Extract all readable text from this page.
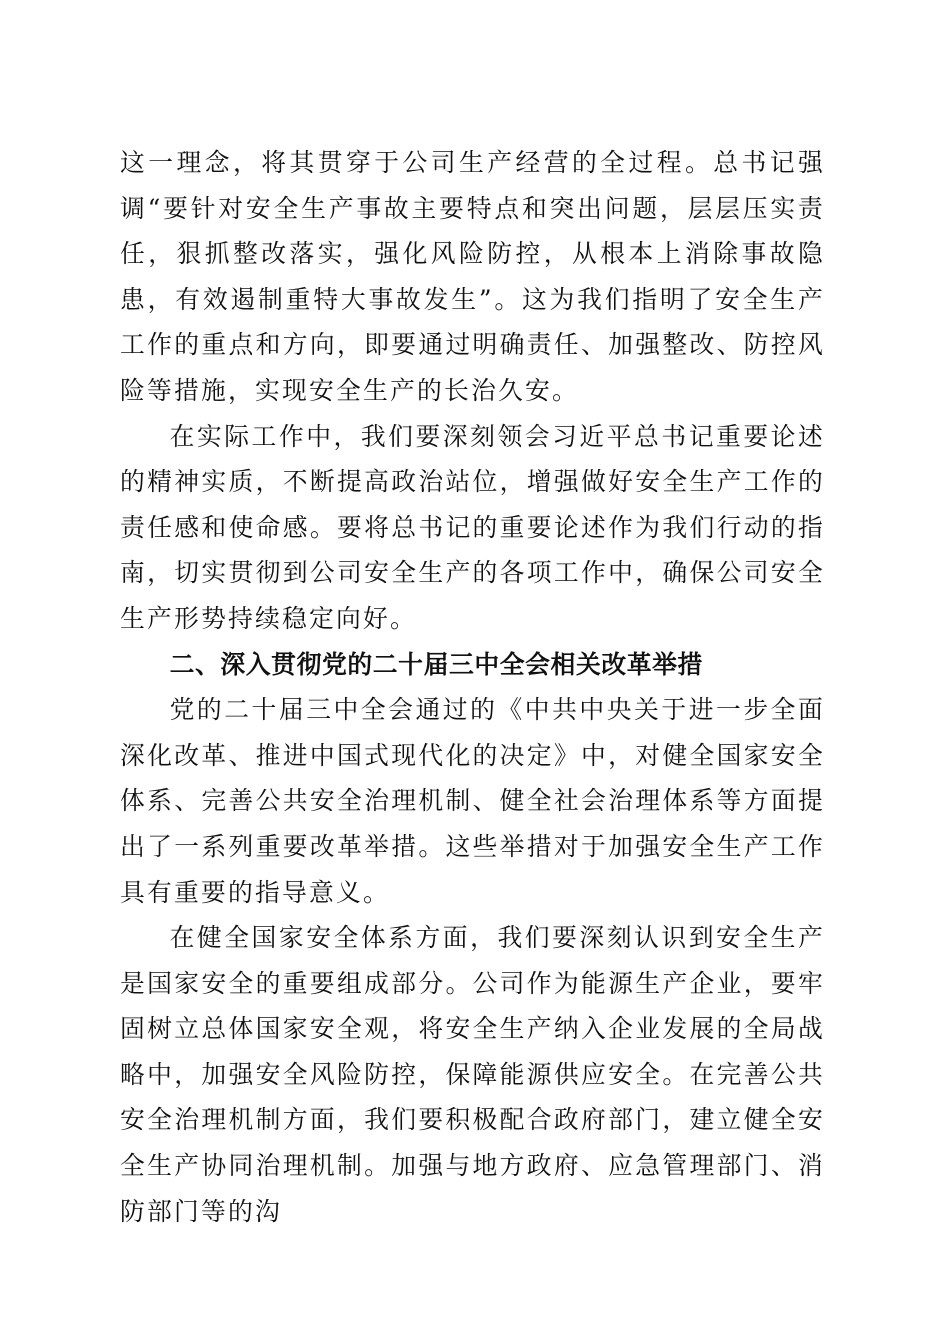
这一理念，将其贯穿于公司生产经营的全过程。总书记强调“要针对安全生产事故主要特点和突出问题，层层压实责任，狠抓整改落实，强化风险防控，从根本上消除事故隐患，有效遏制重特大事故发生”。这为我们指明了安全生产工作的重点和方向，即要通过明确责任、加强整改、防控风险等措施，实现安全生产的长治久安。

在实际工作中，我们要深刻领会习近平总书记重要论述的精神实质，不断提高政治站位，增强做好安全生产工作的责任感和使命感。要将总书记的重要论述作为我们行动的指南，切实贯彻到公司安全生产的各项工作中，确保公司安全生产形势持续稳定向好。

二、深入贯彻党的二十届三中全会相关改革举措

党的二十届三中全会通过的《中共中央关于进一步全面深化改革、推进中国式现代化的决定》中，对健全国家安全体系、完善公共安全治理机制、健全社会治理体系等方面提出了一系列重要改革举措。这些举措对于加强安全生产工作具有重要的指导意义。

在健全国家安全体系方面，我们要深刻认识到安全生产是国家安全的重要组成部分。公司作为能源生产企业，要牢固树立总体国家安全观，将安全生产纳入企业发展的全局战略中，加强安全风险防控，保障能源供应安全。在完善公共安全治理机制方面，我们要积极配合政府部门，建立健全安全生产协同治理机制。加强与地方政府、应急管理部门、消防部门等的沟
